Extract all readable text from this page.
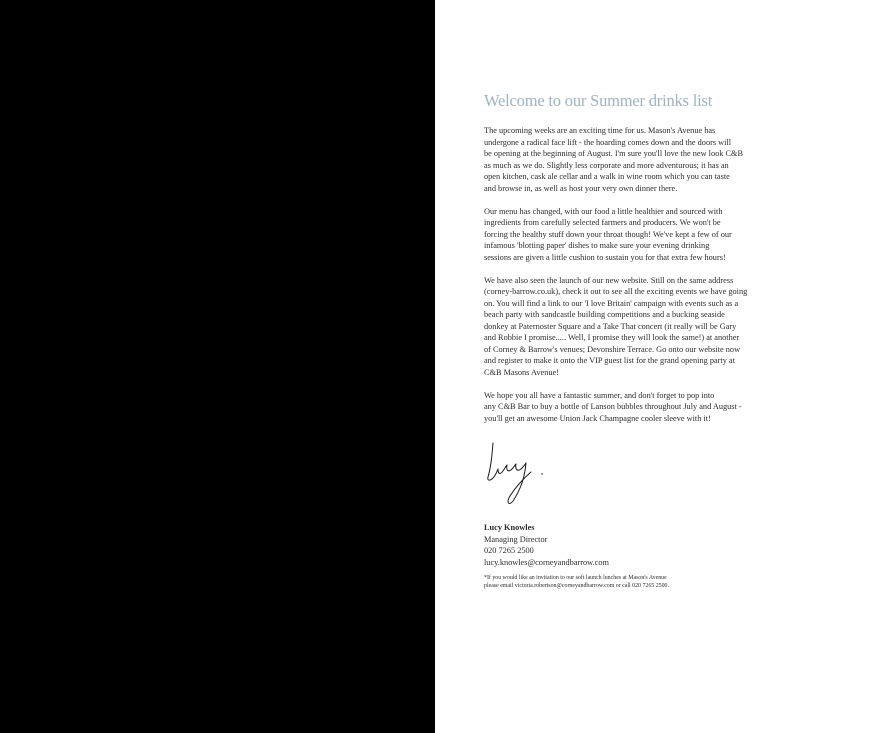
Welcome to our Summer drinks list

The upcoming weeks are an exciting time for us. Mason's Avenue has
undergone a radical face lift - the hoarding comes down and the doors will
be opening at the beginning of August. I'm sure you'll love the new look C&B
as much as we do. Slightly less corporate and more adventurous; it has an
open kitchen, cask ale cellar and a walk in wine room which you can taste
and browse in, as well as host your very own dinner there.

Our menu has changed, with our food a little healthier and sourced with
ingredients from carefully selected farmers and producers. We won't be
forcing the healthy stuff down your throat though! We've kept a few of our
infamous 'blotting paper' dishes to make sure your evening drinking
sessions are given a little cushion to sustain you for that extra few hours!

We have also seen the launch of our new website. Still on the same address
(corney-barrow.co.uk), check it out to see all the exciting events we have going
on. You will find a link to our 'I love Britain' campaign with events such as a
beach party with sandcastle building competitions and a bucking seaside
donkey at Paternoster Square and a Take That concert (it really will be Gary
and Robbie I promise..... Well, I promise they will look the same!) at another
of Corney & Barrow's venues; Devonshire Terrace. Go onto our website now
and register to make it onto the VIP guest list for the grand opening party at
C&B Masons Avenue!

We hope you all have a fantastic summer, and don't forget to pop into
any C&B Bar to buy a bottle of Lanson bubbles throughout July and August -
you'll get an awesome Union Jack Champagne cooler sleeve with it!

Lucy Knowles
Managing Director
020 7265 2500
lucy.knowles@corneyandbarrow.com
*If you would like an invitation to our soft launch lunches at Mason's Avenue
please email victoria.robertson@corneyandbarrow.com or call 020 7265 2500.
